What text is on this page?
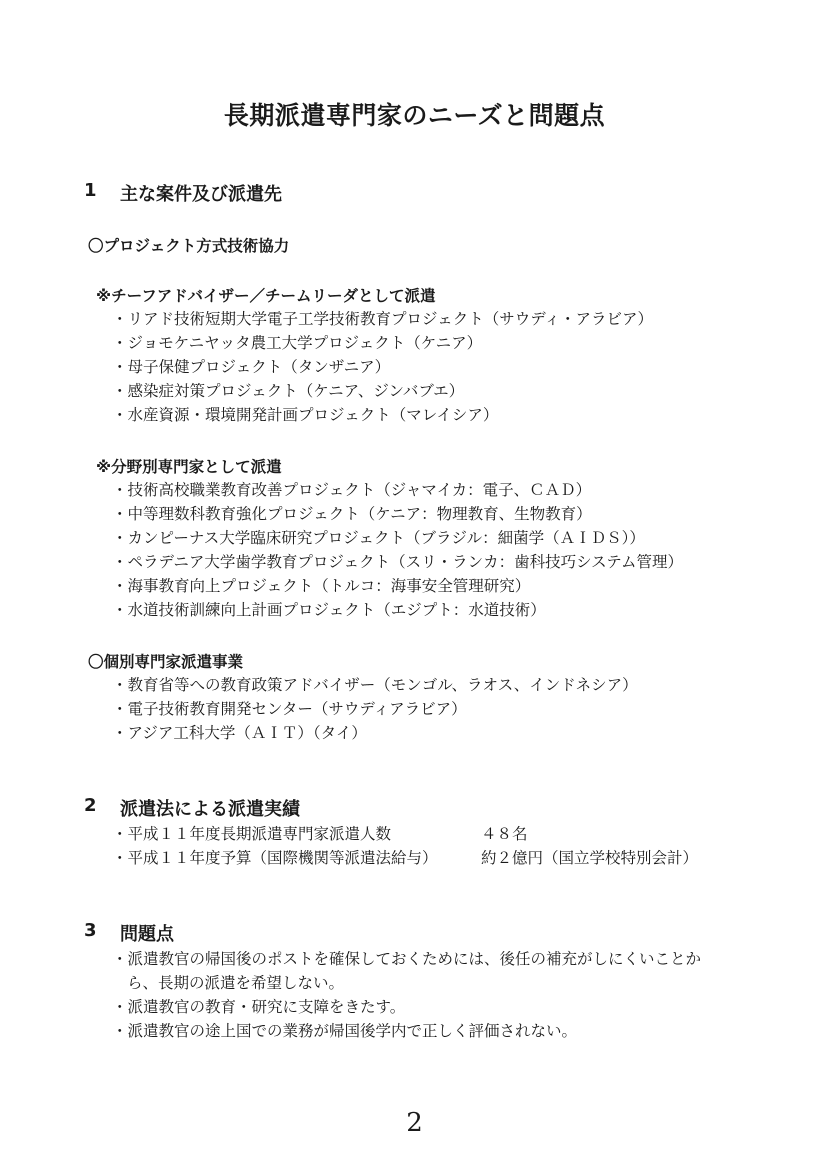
長期派遣専門家のニーズと問題点
1 主な案件及び派遣先
〇プロジェクト方式技術協力
※チーフアドバイザー／チームリーダとして派遣
・リアド技術短期大学電子工学技術教育プロジェクト（サウディ・アラビア）
・ジョモケニヤッタ農工大学プロジェクト（ケニア）
・母子保健プロジェクト（タンザニア）
・感染症対策プロジェクト（ケニア、ジンバブエ）
・水産資源・環境開発計画プロジェクト（マレイシア）
※分野別専門家として派遣
・技術高校職業教育改善プロジェクト（ジャマイカ：電子、ＣＡＤ）
・中等理数科教育強化プロジェクト（ケニア：物理教育、生物教育）
・カンピーナス大学臨床研究プロジェクト（ブラジル：細菌学（ＡＩＤＳ））
・ペラデニア大学歯学教育プロジェクト（スリ・ランカ：歯科技巧システム管理）
・海事教育向上プロジェクト（トルコ：海事安全管理研究）
・水道技術訓練向上計画プロジェクト（エジプト：水道技術）
〇個別専門家派遣事業
・教育省等への教育政策アドバイザー（モンゴル、ラオス、インドネシア）
・電子技術教育開発センター（サウディアラビア）
・アジア工科大学（ＡＩＴ）（タイ）
2 派遣法による派遣実績
・平成１１年度長期派遣専門家派遣人数	４８名
・平成１１年度予算（国際機関等派遣法給与）	約２億円（国立学校特別会計）
3 問題点
・派遣教官の帰国後のポストを確保しておくためには、後任の補充がしにくいことか
ら、長期の派遣を希望しない。
・派遣教官の教育・研究に支障をきたす。
・派遣教官の途上国での業務が帰国後学内で正しく評価されない。
2
